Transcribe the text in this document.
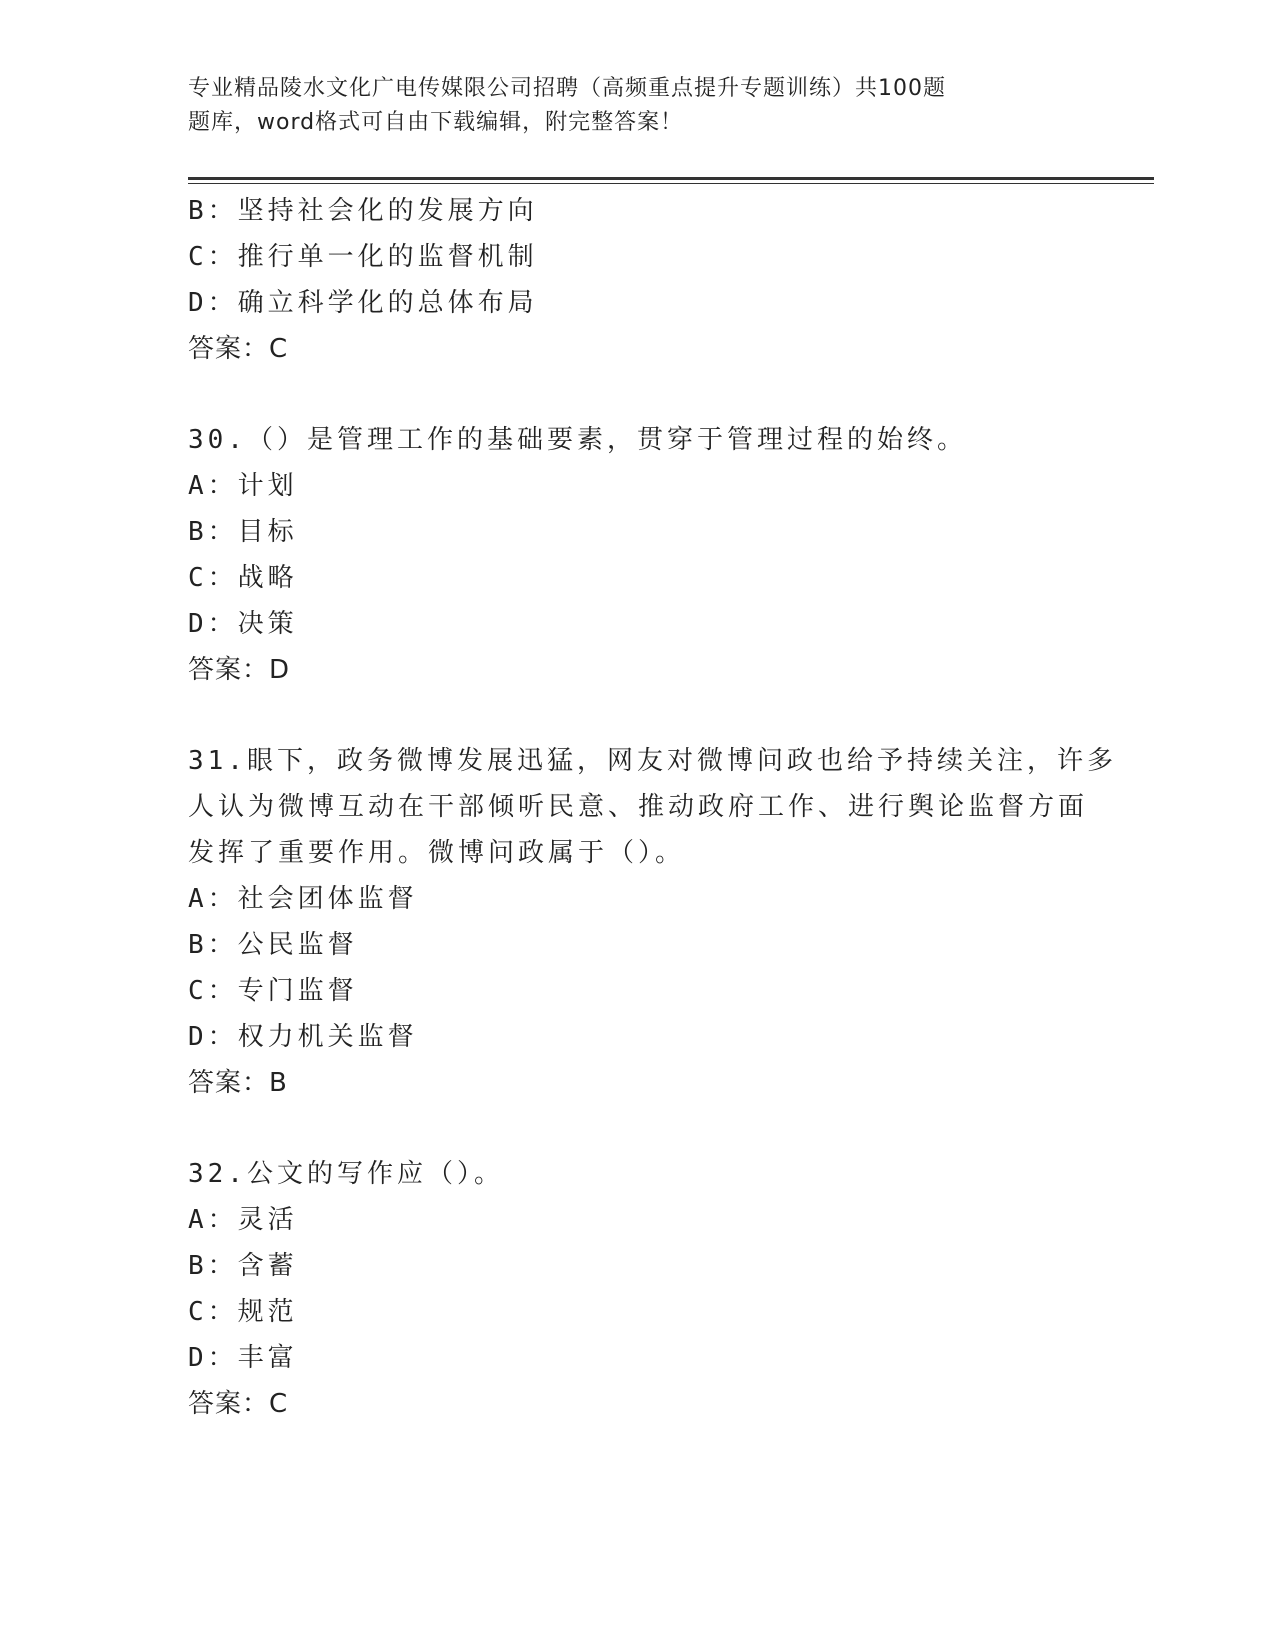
专业精品陵水文化广电传媒限公司招聘（高频重点提升专题训练）共100题
题库，word格式可自由下载编辑，附完整答案！
B：坚持社会化的发展方向
C：推行单一化的监督机制
D：确立科学化的总体布局
答案：C
30.（）是管理工作的基础要素，贯穿于管理过程的始终。
A：计划
B：目标
C：战略
D：决策
答案：D
31.眼下，政务微博发展迅猛，网友对微博问政也给予持续关注，许多
人认为微博互动在干部倾听民意、推动政府工作、进行舆论监督方面
发挥了重要作用。微博问政属于（）。
A：社会团体监督
B：公民监督
C：专门监督
D：权力机关监督
答案：B
32.公文的写作应（）。
A：灵活
B：含蓄
C：规范
D：丰富
答案：C
